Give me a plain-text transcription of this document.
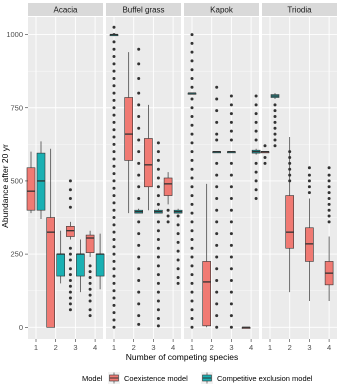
Acacia
1 2 3 4
Buffel grass
1 2 3 4
Kapok
1 2 3 4
Triodia
1 2 3 4
0
250
500
750
1000
Abundance after 20 yr
Number of competing species
Model	Coexistence model	Competitive exclusion model
